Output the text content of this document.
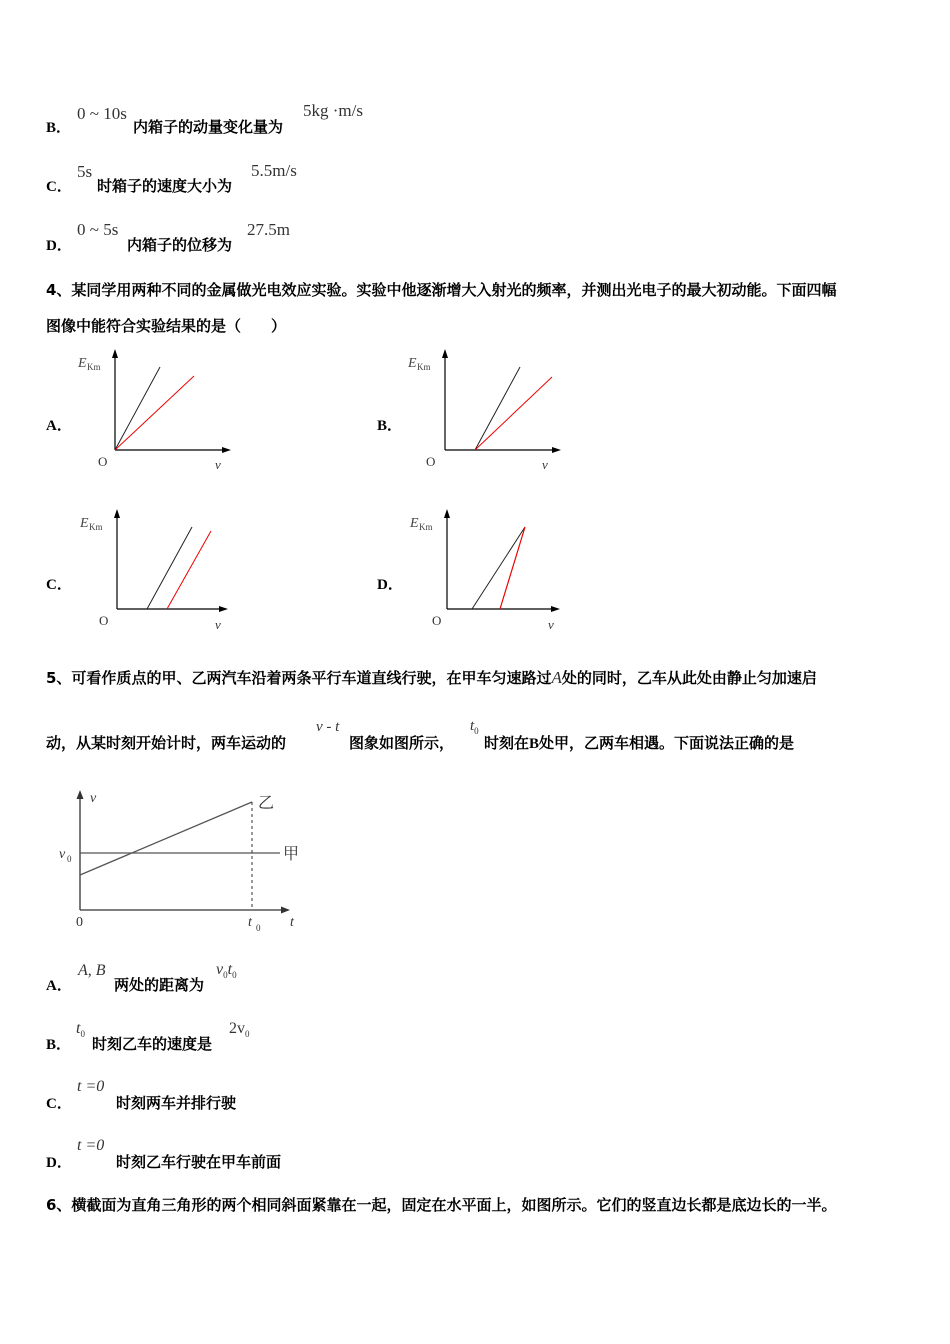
B．
0 ~ 10s
内箱子的动量变化量为
5kg ·m/s
C．
5s
时箱子的速度大小为
5.5m/s
D．
0 ~ 5s
内箱子的位移为
27.5m
4、某同学用两种不同的金属做光电效应实验。实验中他逐渐增大入射光的频率，并测出光电子的最大初动能。下面四幅
图像中能符合实验结果的是（　　）
A．	B．
C．	D．
E Km
O	ν
E Km
O	ν
E Km
O	ν
E Km
O	ν
5、可看作质点的甲、乙两汽车沿着两条平行车道直线行驶，在甲车匀速路过A处的同时，乙车从此处由静止匀加速启
动，从某时刻开始计时，两车运动的
v - t
图象如图所示，
$t_0$
时刻在B处甲，乙两车相遇。下面说法正确的是
v
t
0
v 0
t 0
乙
甲
A．
A, B
两处的距离为
$v_0t_0$
B．
$t_0$
时刻乙车的速度是
$2v_0$
C．
t =0
时刻两车并排行驶
D．
t =0
时刻乙车行驶在甲车前面
6、横截面为直角三角形的两个相同斜面紧靠在一起，固定在水平面上，如图所示。它们的竖直边长都是底边长的一半。
